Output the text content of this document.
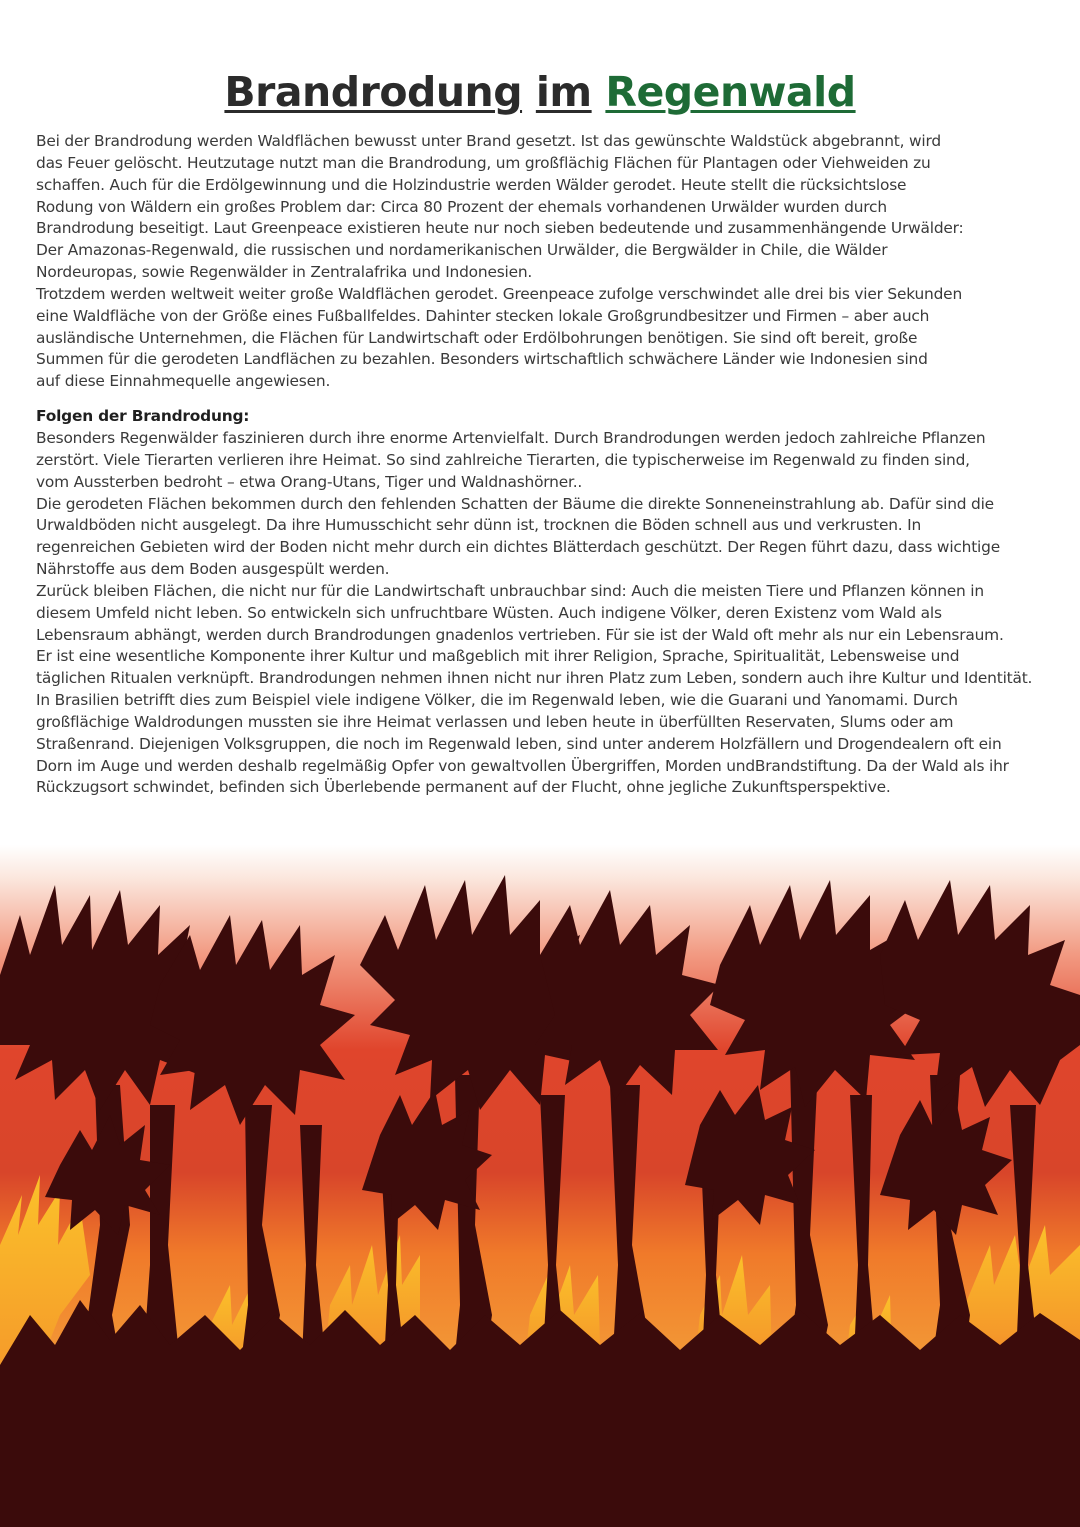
Brandrodung im Regenwald

Bei der Brandrodung werden Waldflächen bewusst unter Brand gesetzt. Ist das gewünschte Waldstück abgebrannt, wird

das Feuer gelöscht. Heutzutage nutzt man die Brandrodung, um großflächig Flächen für Plantagen oder Viehweiden zu

schaffen. Auch für die Erdölgewinnung und die Holzindustrie werden Wälder gerodet. Heute stellt die rücksichtslose

Rodung von Wäldern ein großes Problem dar: Circa 80 Prozent der ehemals vorhandenen Urwälder wurden durch

Brandrodung beseitigt. Laut Greenpeace existieren heute nur noch sieben bedeutende und zusammenhängende Urwälder:

Der Amazonas-Regenwald, die russischen und nordamerikanischen Urwälder, die Bergwälder in Chile, die Wälder

Nordeuropas, sowie Regenwälder in Zentralafrika und Indonesien.

Trotzdem werden weltweit weiter große Waldflächen gerodet. Greenpeace zufolge verschwindet alle drei bis vier Sekunden

eine Waldfläche von der Größe eines Fußballfeldes. Dahinter stecken lokale Großgrundbesitzer und Firmen – aber auch

ausländische Unternehmen, die Flächen für Landwirtschaft oder Erdölbohrungen benötigen. Sie sind oft bereit, große

Summen für die gerodeten Landflächen zu bezahlen. Besonders wirtschaftlich schwächere Länder wie Indonesien sind

auf diese Einnahmequelle angewiesen.

Folgen der Brandrodung:

Besonders Regenwälder faszinieren durch ihre enorme Artenvielfalt. Durch Brandrodungen werden jedoch zahlreiche Pflanzen

zerstört. Viele Tierarten verlieren ihre Heimat. So sind zahlreiche Tierarten, die typischerweise im Regenwald zu finden sind,

vom Aussterben bedroht – etwa Orang-Utans, Tiger und Waldnashörner..

Die gerodeten Flächen bekommen durch den fehlenden Schatten der Bäume die direkte Sonneneinstrahlung ab. Dafür sind die

Urwaldböden nicht ausgelegt. Da ihre Humusschicht sehr dünn ist, trocknen die Böden schnell aus und verkrusten. In

regenreichen Gebieten wird der Boden nicht mehr durch ein dichtes Blätterdach geschützt. Der Regen führt dazu, dass wichtige

Nährstoffe aus dem Boden ausgespült werden.

Zurück bleiben Flächen, die nicht nur für die Landwirtschaft unbrauchbar sind: Auch die meisten Tiere und Pflanzen können in

diesem Umfeld nicht leben. So entwickeln sich unfruchtbare Wüsten. Auch indigene Völker, deren Existenz vom Wald als

Lebensraum abhängt, werden durch Brandrodungen gnadenlos vertrieben. Für sie ist der Wald oft mehr als nur ein Lebensraum.

Er ist eine wesentliche Komponente ihrer Kultur und maßgeblich mit ihrer Religion, Sprache, Spiritualität, Lebensweise und

täglichen Ritualen verknüpft. Brandrodungen nehmen ihnen nicht nur ihren Platz zum Leben, sondern auch ihre Kultur und Identität.

In Brasilien betrifft dies zum Beispiel viele indigene Völker, die im Regenwald leben, wie die Guarani und Yanomami. Durch

großflächige Waldrodungen mussten sie ihre Heimat verlassen und leben heute in überfüllten Reservaten, Slums oder am

Straßenrand. Diejenigen Volksgruppen, die noch im Regenwald leben, sind unter anderem Holzfällern und Drogendealern oft ein

Dorn im Auge und werden deshalb regelmäßig Opfer von gewaltvollen Übergriffen, Morden undBrandstiftung. Da der Wald als ihr

Rückzugsort schwindet, befinden sich Überlebende permanent auf der Flucht, ohne jegliche Zukunftsperspektive.
